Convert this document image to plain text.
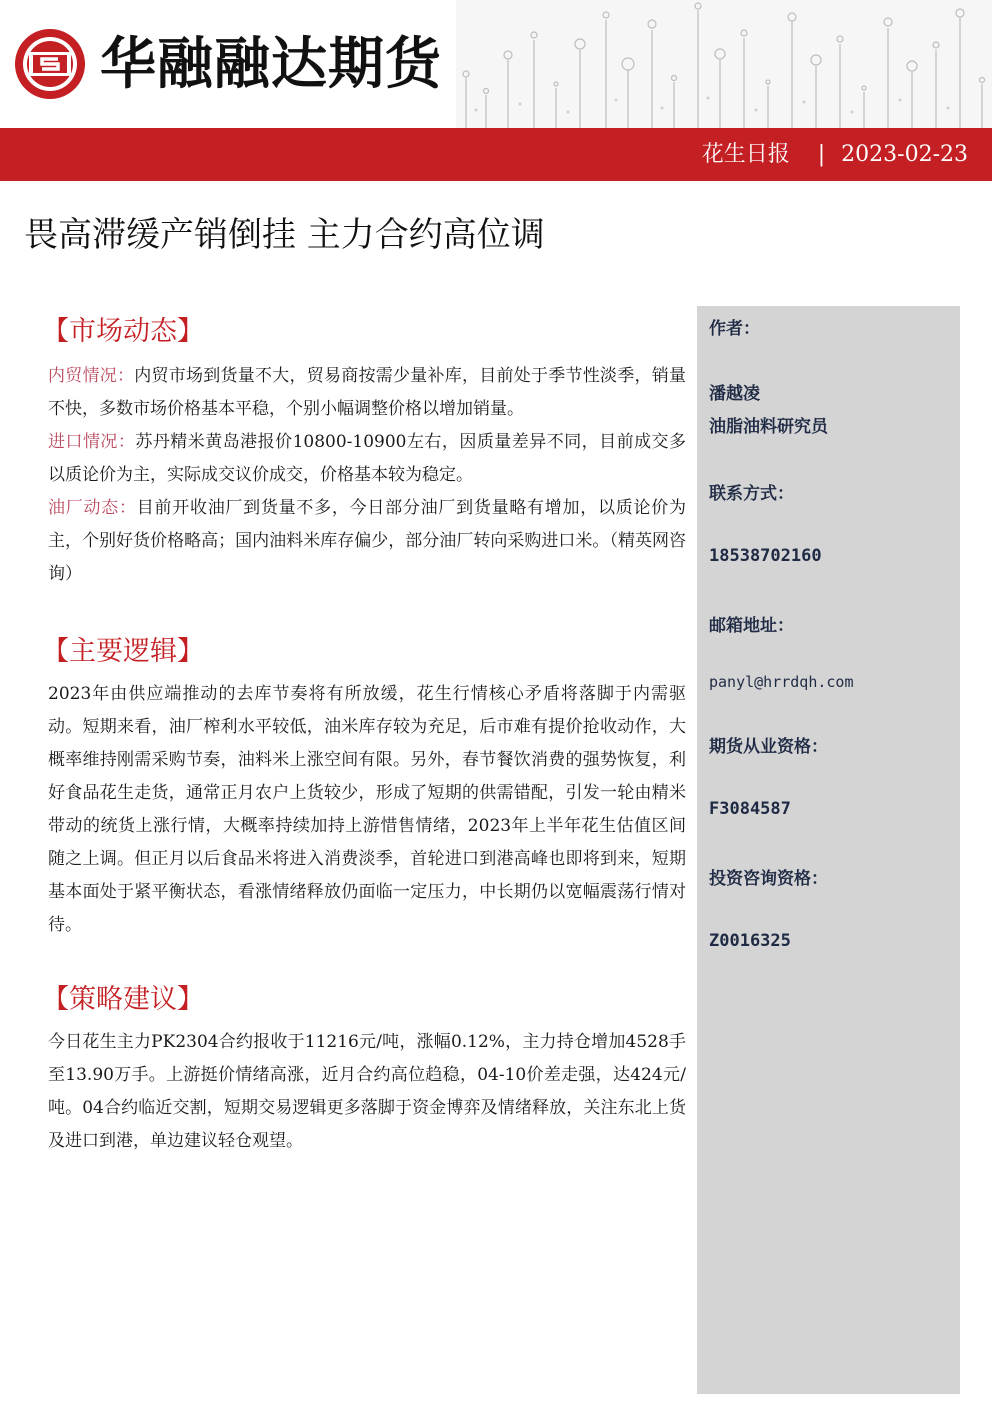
华融融达期货
花生日报 | 2023-02-23
畏高滞缓产销倒挂 主力合约高位调
作者：
潘越凌
油脂油料研究员
联系方式：
18538702160
邮箱地址：
panyl@hrrdqh.com
期货从业资格：
F3084587
投资咨询资格：
Z0016325
【市场动态】
内贸情况：内贸市场到货量不大，贸易商按需少量补库，目前处于季节性淡季，销量不快，多数市场价格基本平稳，个别小幅调整价格以增加销量。
进口情况：苏丹精米黄岛港报价10800-10900左右，因质量差异不同，目前成交多以质论价为主，实际成交议价成交，价格基本较为稳定。
油厂动态：目前开收油厂到货量不多，今日部分油厂到货量略有增加，以质论价为主，个别好货价格略高；国内油料米库存偏少，部分油厂转向采购进口米。（精英网咨询）
【主要逻辑】
2023年由供应端推动的去库节奏将有所放缓，花生行情核心矛盾将落脚于内需驱动。短期来看，油厂榨利水平较低，油米库存较为充足，后市难有提价抢收动作，大概率维持刚需采购节奏，油料米上涨空间有限。另外，春节餐饮消费的强势恢复，利好食品花生走货，通常正月农户上货较少，形成了短期的供需错配，引发一轮由精米带动的统货上涨行情，大概率持续加持上游惜售情绪，2023年上半年花生估值区间随之上调。但正月以后食品米将进入消费淡季，首轮进口到港高峰也即将到来，短期基本面处于紧平衡状态，看涨情绪释放仍面临一定压力，中长期仍以宽幅震荡行情对待。
【策略建议】
今日花生主力PK2304合约报收于11216元/吨，涨幅0.12%，主力持仓增加4528手至13.90万手。上游挺价情绪高涨，近月合约高位趋稳，04-10价差走强，达424元/吨。04合约临近交割，短期交易逻辑更多落脚于资金博弈及情绪释放，关注东北上货及进口到港，单边建议轻仓观望。
